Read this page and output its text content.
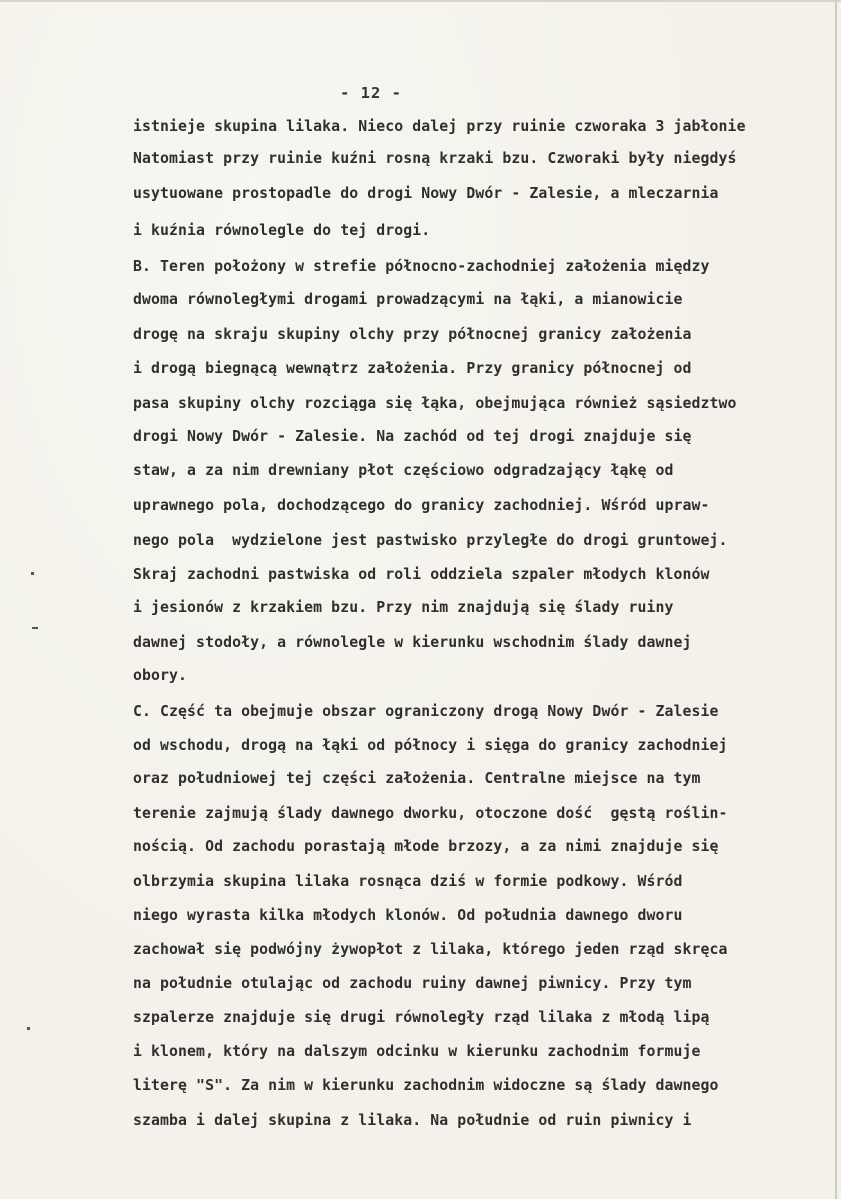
- 12 -
istnieje skupina lilaka. Nieco dalej przy ruinie czworaka 3 jabłonie
Natomiast przy ruinie kuźni rosną krzaki bzu. Czworaki były niegdyś
usytuowane prostopadle do drogi Nowy Dwór - Zalesie, a mleczarnia
i kuźnia równolegle do tej drogi.
B. Teren położony w strefie północno-zachodniej założenia między
dwoma równoległymi drogami prowadzącymi na łąki, a mianowicie
drogę na skraju skupiny olchy przy północnej granicy założenia
i drogą biegnącą wewnątrz założenia. Przy granicy północnej od
pasa skupiny olchy rozciąga się łąka, obejmująca również sąsiedztwo
drogi Nowy Dwór - Zalesie. Na zachód od tej drogi znajduje się
staw, a za nim drewniany płot częściowo odgradzający łąkę od
uprawnego pola, dochodzącego do granicy zachodniej. Wśród upraw-
nego pola  wydzielone jest pastwisko przyległe do drogi gruntowej.
Skraj zachodni pastwiska od roli oddziela szpaler młodych klonów
i jesionów z krzakiem bzu. Przy nim znajdują się ślady ruiny
dawnej stodoły, a równolegle w kierunku wschodnim ślady dawnej
obory.
C. Część ta obejmuje obszar ograniczony drogą Nowy Dwór - Zalesie
od wschodu, drogą na łąki od północy i sięga do granicy zachodniej
oraz południowej tej części założenia. Centralne miejsce na tym
terenie zajmują ślady dawnego dworku, otoczone dość  gęstą roślin-
nością. Od zachodu porastają młode brzozy, a za nimi znajduje się
olbrzymia skupina lilaka rosnąca dziś w formie podkowy. Wśród
niego wyrasta kilka młodych klonów. Od południa dawnego dworu
zachował się podwójny żywopłot z lilaka, którego jeden rząd skręca
na południe otulając od zachodu ruiny dawnej piwnicy. Przy tym
szpalerze znajduje się drugi równoległy rząd lilaka z młodą lipą
i klonem, który na dalszym odcinku w kierunku zachodnim formuje
literę "S". Za nim w kierunku zachodnim widoczne są ślady dawnego
szamba i dalej skupina z lilaka. Na południe od ruin piwnicy i
